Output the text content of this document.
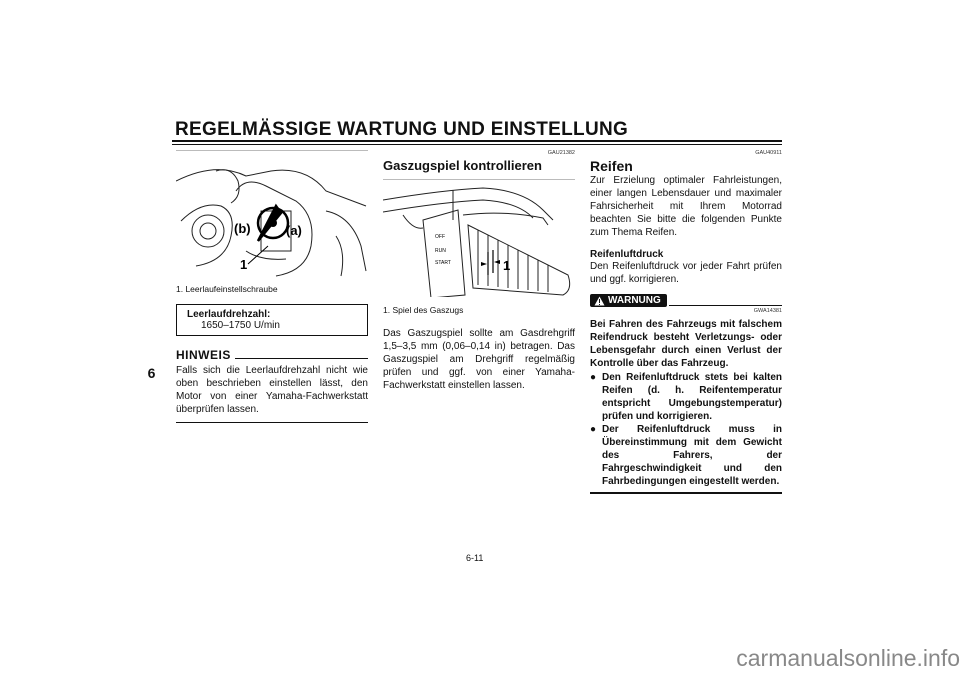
REGELMÄSSIGE WARTUNG UND EINSTELLUNG
6
(b)	(a)
1
1. Leerlaufeinstellschraube
Leerlaufdrehzahl:
1650–1750 U/min
HINWEIS
Falls sich die Leerlaufdrehzahl nicht wie oben beschrieben einstellen lässt, den Motor von einer Yamaha-Fachwerkstatt überprüfen lassen.
GAU21382
Gaszugspiel kontrollieren
1
OFF
RUN
START
1. Spiel des Gaszugs
Das Gaszugspiel sollte am Gasdrehgriff 1,5–3,5 mm (0,06–0,14 in) betragen. Das Gaszugspiel am Drehgriff regelmäßig prüfen und ggf. von einer Yamaha-Fachwerkstatt einstellen lassen.
GAU40911
Reifen
Zur Erzielung optimaler Fahrleistungen, einer langen Lebensdauer und maximaler Fahrsicherheit mit Ihrem Motorrad beachten Sie bitte die folgenden Punkte zum Thema Reifen.
Reifenluftdruck
Den Reifenluftdruck vor jeder Fahrt prüfen und ggf. korrigieren.
WARNUNG
GWA14381
Bei Fahren des Fahrzeugs mit falschem Reifendruck besteht Verletzungs- oder Lebensgefahr durch einen Verlust der Kontrolle über das Fahrzeug.
● Den Reifenluftdruck stets bei kalten Reifen (d. h. Reifentemperatur entspricht Umgebungstemperatur) prüfen und korrigieren.
● Der Reifenluftdruck muss in Übereinstimmung mit dem Gewicht des Fahrers, der Fahrgeschwindigkeit und den Fahrbedingungen eingestellt werden.
6-11
carmanualsonline.info
